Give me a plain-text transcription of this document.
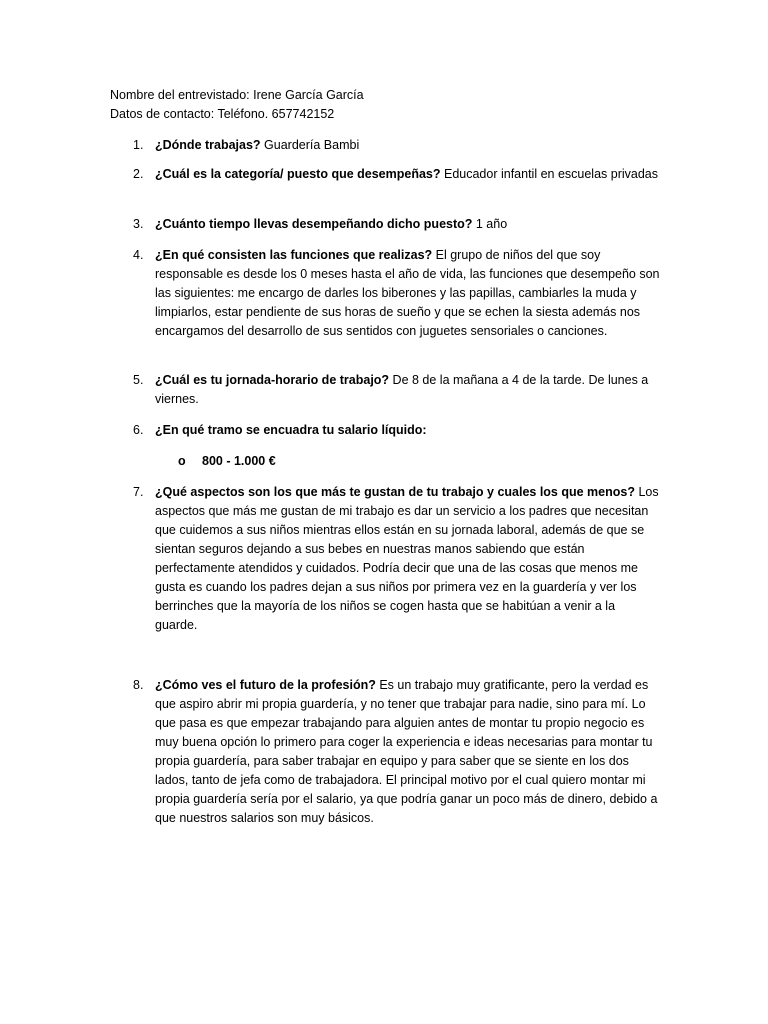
Nombre del entrevistado: Irene García García

Datos de contacto: Teléfono. 657742152

1. ¿Dónde trabajas? Guardería Bambi
2. ¿Cuál es la categoría/ puesto que desempeñas? Educador infantil en escuelas privadas
3. ¿Cuánto tiempo llevas desempeñando dicho puesto? 1 año
4. ¿En qué consisten las funciones que realizas? El grupo de niños del que soy responsable es desde los 0 meses hasta el año de vida, las funciones que desempeño son las siguientes: me encargo de darles los biberones y las papillas, cambiarles la muda y limpiarlos, estar pendiente de sus horas de sueño y que se echen la siesta además nos encargamos del desarrollo de sus sentidos con juguetes sensoriales o canciones.
5. ¿Cuál es tu jornada-horario de trabajo? De 8 de la mañana a 4 de la tarde. De lunes a viernes.
6. ¿En qué tramo se encuadra tu salario líquido:
o 800 - 1.000 €
7. ¿Qué aspectos son los que más te gustan de tu trabajo y cuales los que menos? Los aspectos que más me gustan de mi trabajo es dar un servicio a los padres que necesitan que cuidemos a sus niños mientras ellos están en su jornada laboral, además de que se sientan seguros dejando a sus bebes en nuestras manos sabiendo que están perfectamente atendidos y cuidados. Podría decir que una de las cosas que menos me gusta es cuando los padres dejan a sus niños por primera vez en la guardería y ver los berrinches que la mayoría de los niños se cogen hasta que se habitúan a venir a la guarde.
8. ¿Cómo ves el futuro de la profesión? Es un trabajo muy gratificante, pero la verdad es que aspiro abrir mi propia guardería, y no tener que trabajar para nadie, sino para mí. Lo que pasa es que empezar trabajando para alguien antes de montar tu propio negocio es muy buena opción lo primero para coger la experiencia e ideas necesarias para montar tu propia guardería, para saber trabajar en equipo y para saber que se siente en los dos lados, tanto de jefa como de trabajadora. El principal motivo por el cual quiero montar mi propia guardería sería por el salario, ya que podría ganar un poco más de dinero, debido a que nuestros salarios son muy básicos.
